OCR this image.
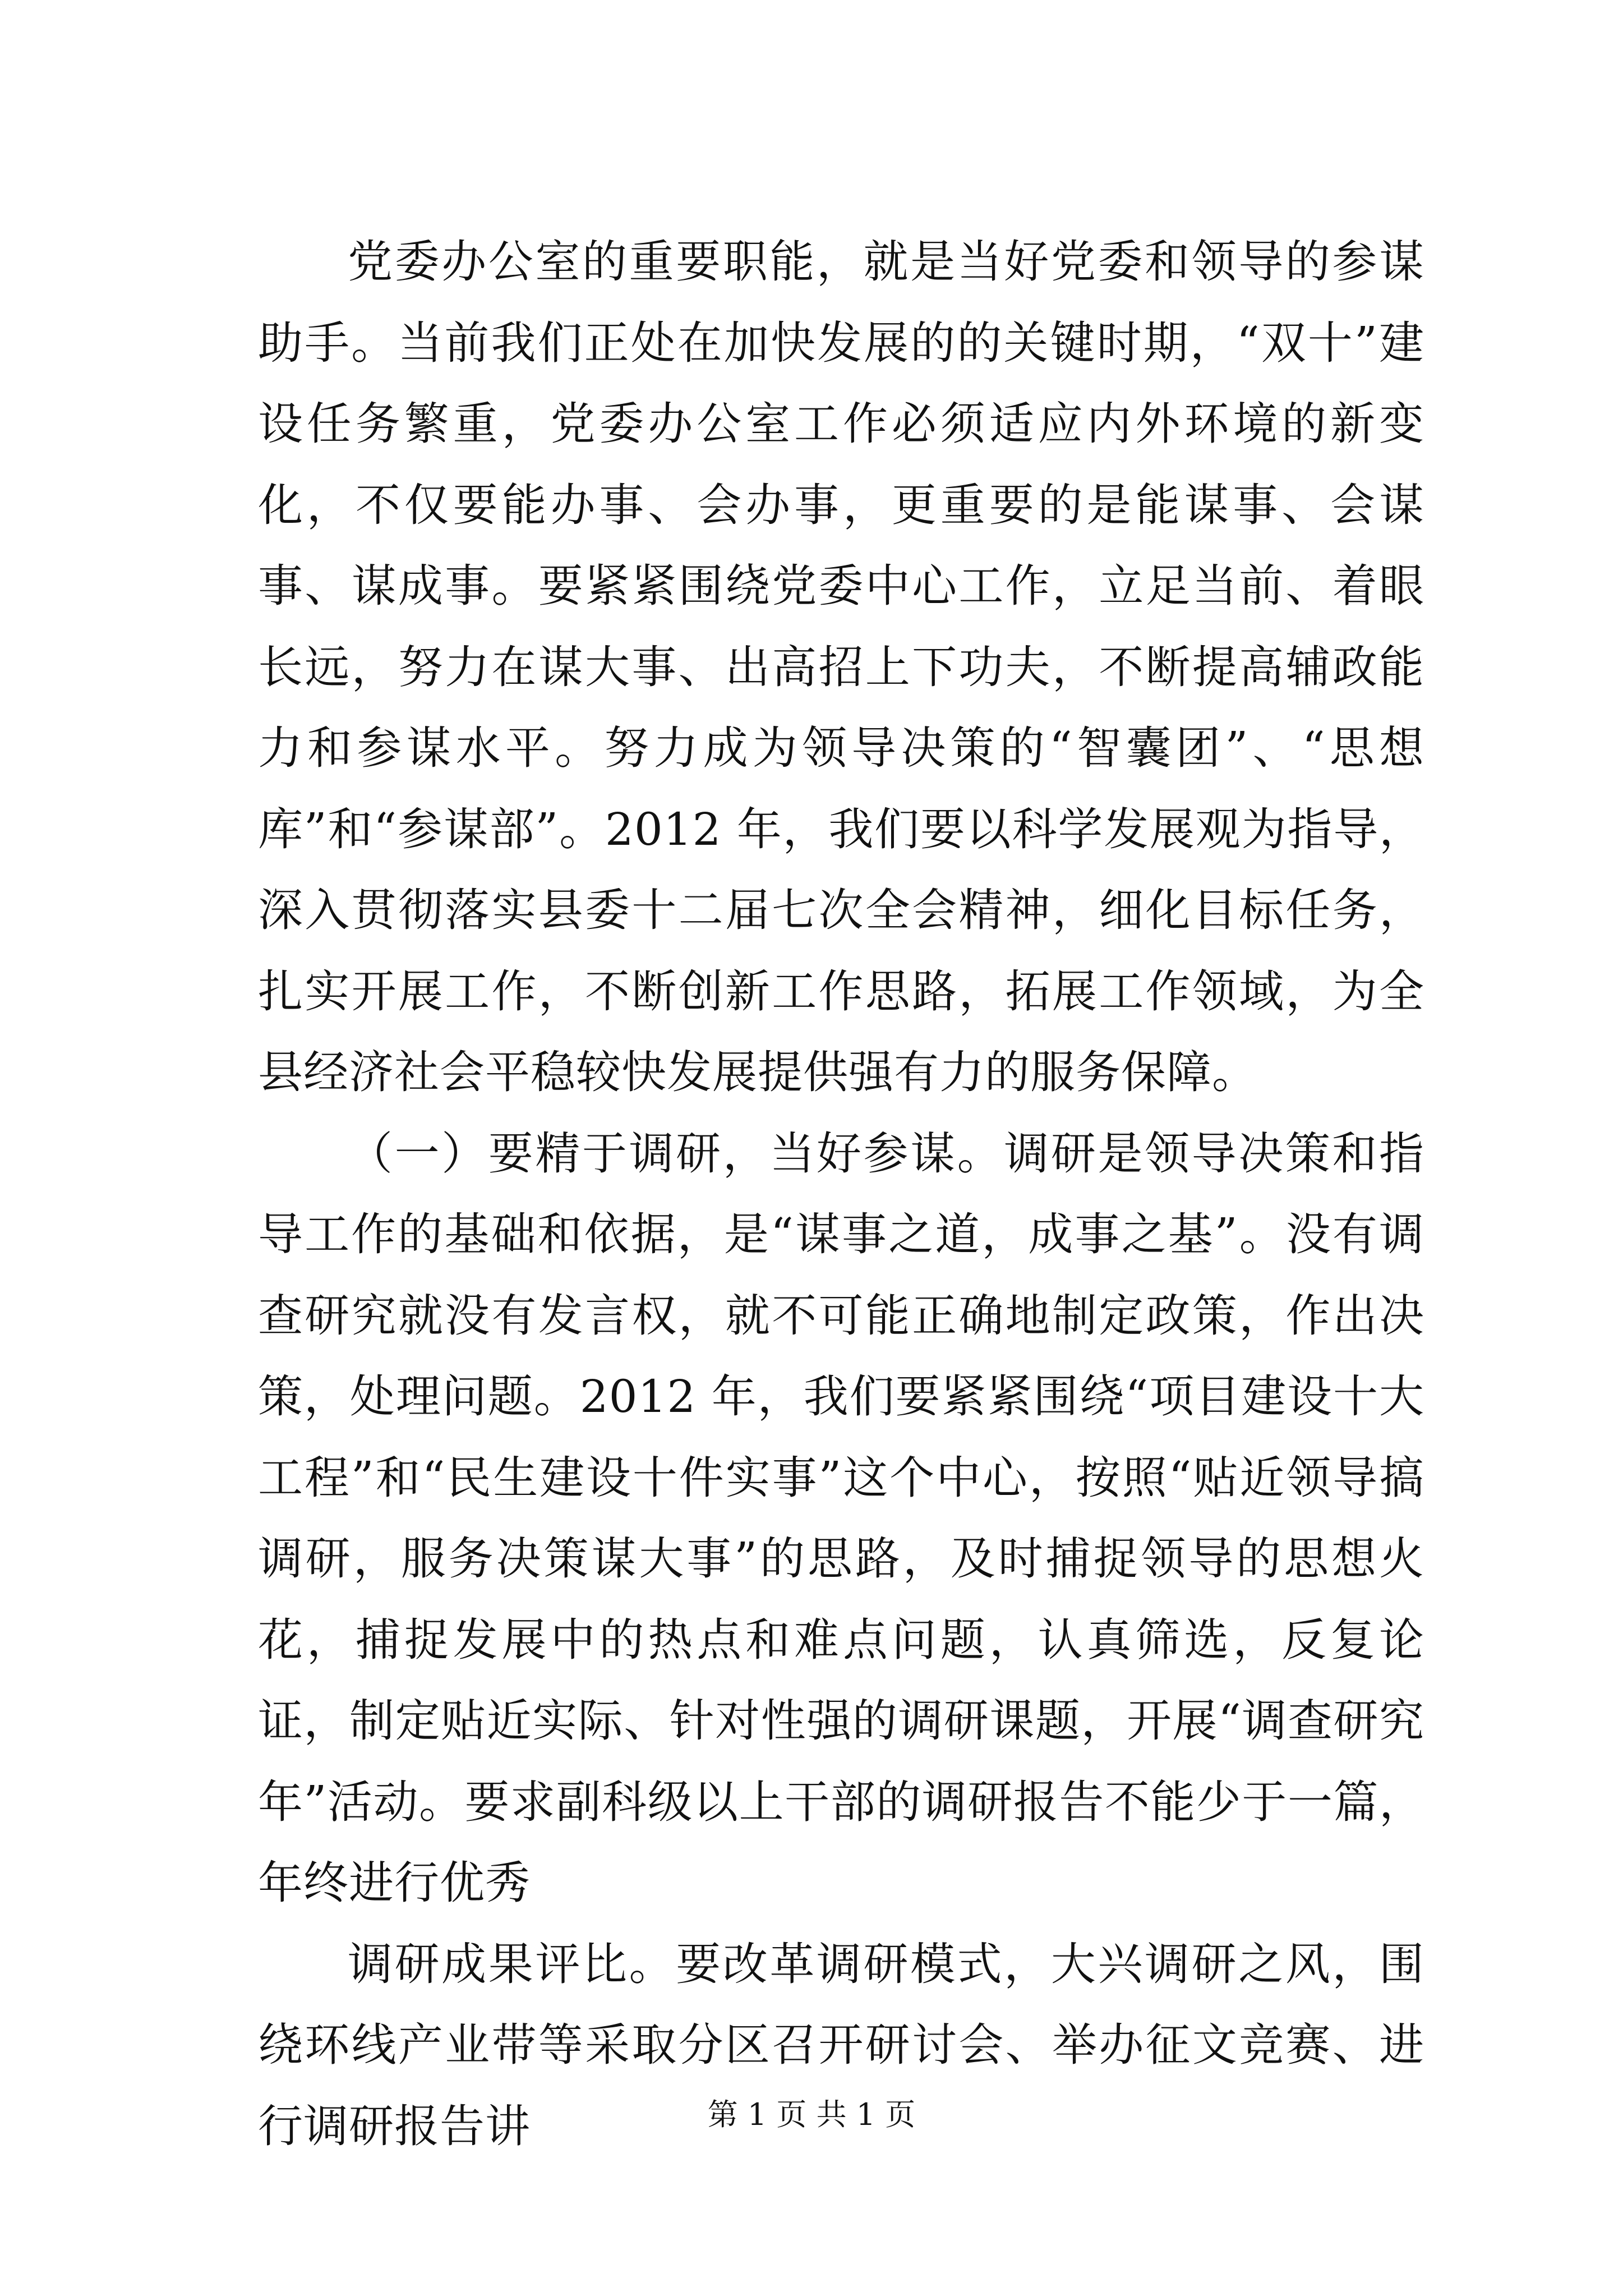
党委办公室的重要职能，就是当好党委和领导的参谋助手。当前我们正处在加快发展的的关键时期，“双十”建设任务繁重，党委办公室工作必须适应内外环境的新变化，不仅要能办事、会办事，更重要的是能谋事、会谋事、谋成事。要紧紧围绕党委中心工作，立足当前、着眼长远，努力在谋大事、出高招上下功夫，不断提高辅政能力和参谋水平。努力成为领导决策的“智囊团”、“思想库”和“参谋部”。2012 年，我们要以科学发展观为指导，深入贯彻落实县委十二届七次全会精神，细化目标任务，扎实开展工作，不断创新工作思路，拓展工作领域，为全县经济社会平稳较快发展提供强有力的服务保障。

（一）要精于调研，当好参谋。调研是领导决策和指导工作的基础和依据，是“谋事之道，成事之基”。没有调查研究就没有发言权，就不可能正确地制定政策，作出决策，处理问题。2012 年，我们要紧紧围绕“项目建设十大工程”和“民生建设十件实事”这个中心，按照“贴近领导搞调研，服务决策谋大事”的思路，及时捕捉领导的思想火花，捕捉发展中的热点和难点问题，认真筛选，反复论证，制定贴近实际、针对性强的调研课题，开展“调查研究年”活动。要求副科级以上干部的调研报告不能少于一篇，年终进行优秀

调研成果评比。要改革调研模式，大兴调研之风，围绕环线产业带等采取分区召开研讨会、举办征文竞赛、进行调研报告讲	第 1 页 共 1 页
